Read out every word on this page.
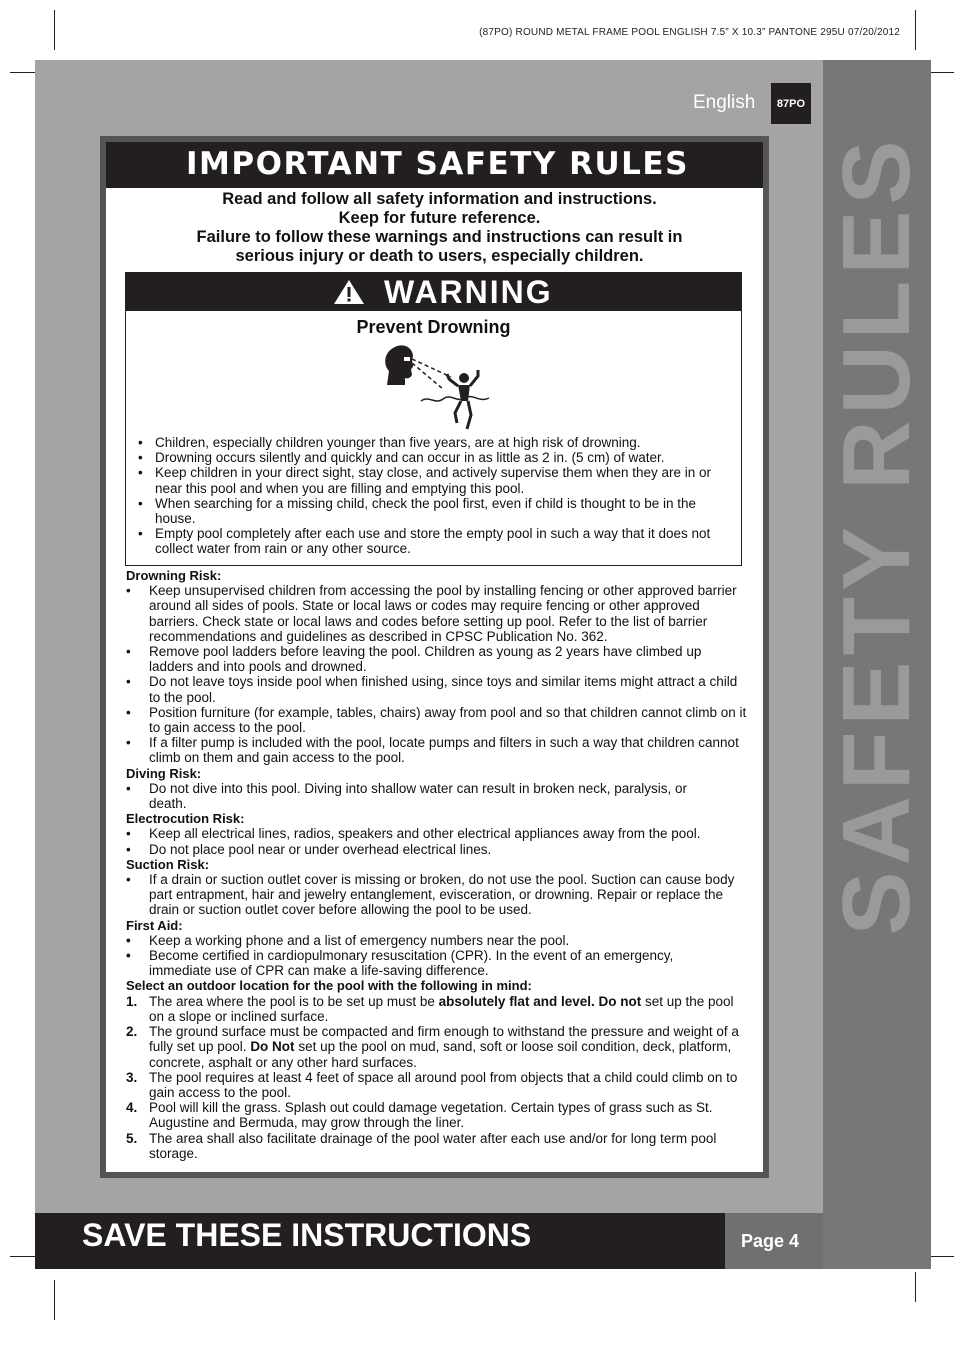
(87PO) ROUND METAL FRAME POOL ENGLISH 7.5” X 10.3” PANTONE 295U 07/20/2012
SAFETY RULES
English	87PO
IMPORTANT SAFETY RULES
Read and follow all safety information and instructions.
Keep for future reference.
Failure to follow these warnings and instructions can result in
serious injury or death to users, especially children.
WARNING
Prevent Drowning
• Children, especially children younger than five years, are at high risk of drowning.
• Drowning occurs silently and quickly and can occur in as little as 2 in. (5 cm) of water.
• Keep children in your direct sight, stay close, and actively supervise them when they are in or near this pool and when you are filling and emptying this pool.
• When searching for a missing child, check the pool first, even if child is thought to be in the house.
• Empty pool completely after each use and store the empty pool in such a way that it does not collect water from rain or any other source.
Drowning Risk:
• Keep unsupervised children from accessing the pool by installing fencing or other approved barrier around all sides of pools. State or local laws or codes may require fencing or other approved barriers. Check state or local laws and codes before setting up pool. Refer to the list of barrier recommendations and guidelines as described in CPSC Publication No. 362.
• Remove pool ladders before leaving the pool. Children as young as 2 years have climbed up ladders and into pools and drowned.
• Do not leave toys inside pool when finished using, since toys and similar items might attract a child to the pool.
• Position furniture (for example, tables, chairs) away from pool and so that children cannot climb on it to gain access to the pool.
• If a filter pump is included with the pool, locate pumps and filters in such a way that children cannot climb on them and gain access to the pool.
Diving Risk:
• Do not dive into this pool. Diving into shallow water can result in broken neck, paralysis, or death.
Electrocution Risk:
• Keep all electrical lines, radios, speakers and other electrical appliances away from the pool.
• Do not place pool near or under overhead electrical lines.
Suction Risk:
• If a drain or suction outlet cover is missing or broken, do not use the pool. Suction can cause body part entrapment, hair and jewelry entanglement, evisceration, or drowning. Repair or replace the drain or suction outlet cover before allowing the pool to be used.
First Aid:
• Keep a working phone and a list of emergency numbers near the pool.
• Become certified in cardiopulmonary resuscitation (CPR). In the event of an emergency, immediate use of CPR can make a life-saving difference.
Select an outdoor location for the pool with the following in mind:
1. The area where the pool is to be set up must be absolutely flat and level. Do not set up the pool on a slope or inclined surface.
2. The ground surface must be compacted and firm enough to withstand the pressure and weight of a fully set up pool. Do Not set up the pool on mud, sand, soft or loose soil condition, deck, platform, concrete, asphalt or any other hard surfaces.
3. The pool requires at least 4 feet of space all around pool from objects that a child could climb on to gain access to the pool.
4. Pool will kill the grass. Splash out could damage vegetation. Certain types of grass such as St. Augustine and Bermuda, may grow through the liner.
5. The area shall also facilitate drainage of the pool water after each use and/or for long term pool storage.
SAVE THESE INSTRUCTIONS	Page 4
